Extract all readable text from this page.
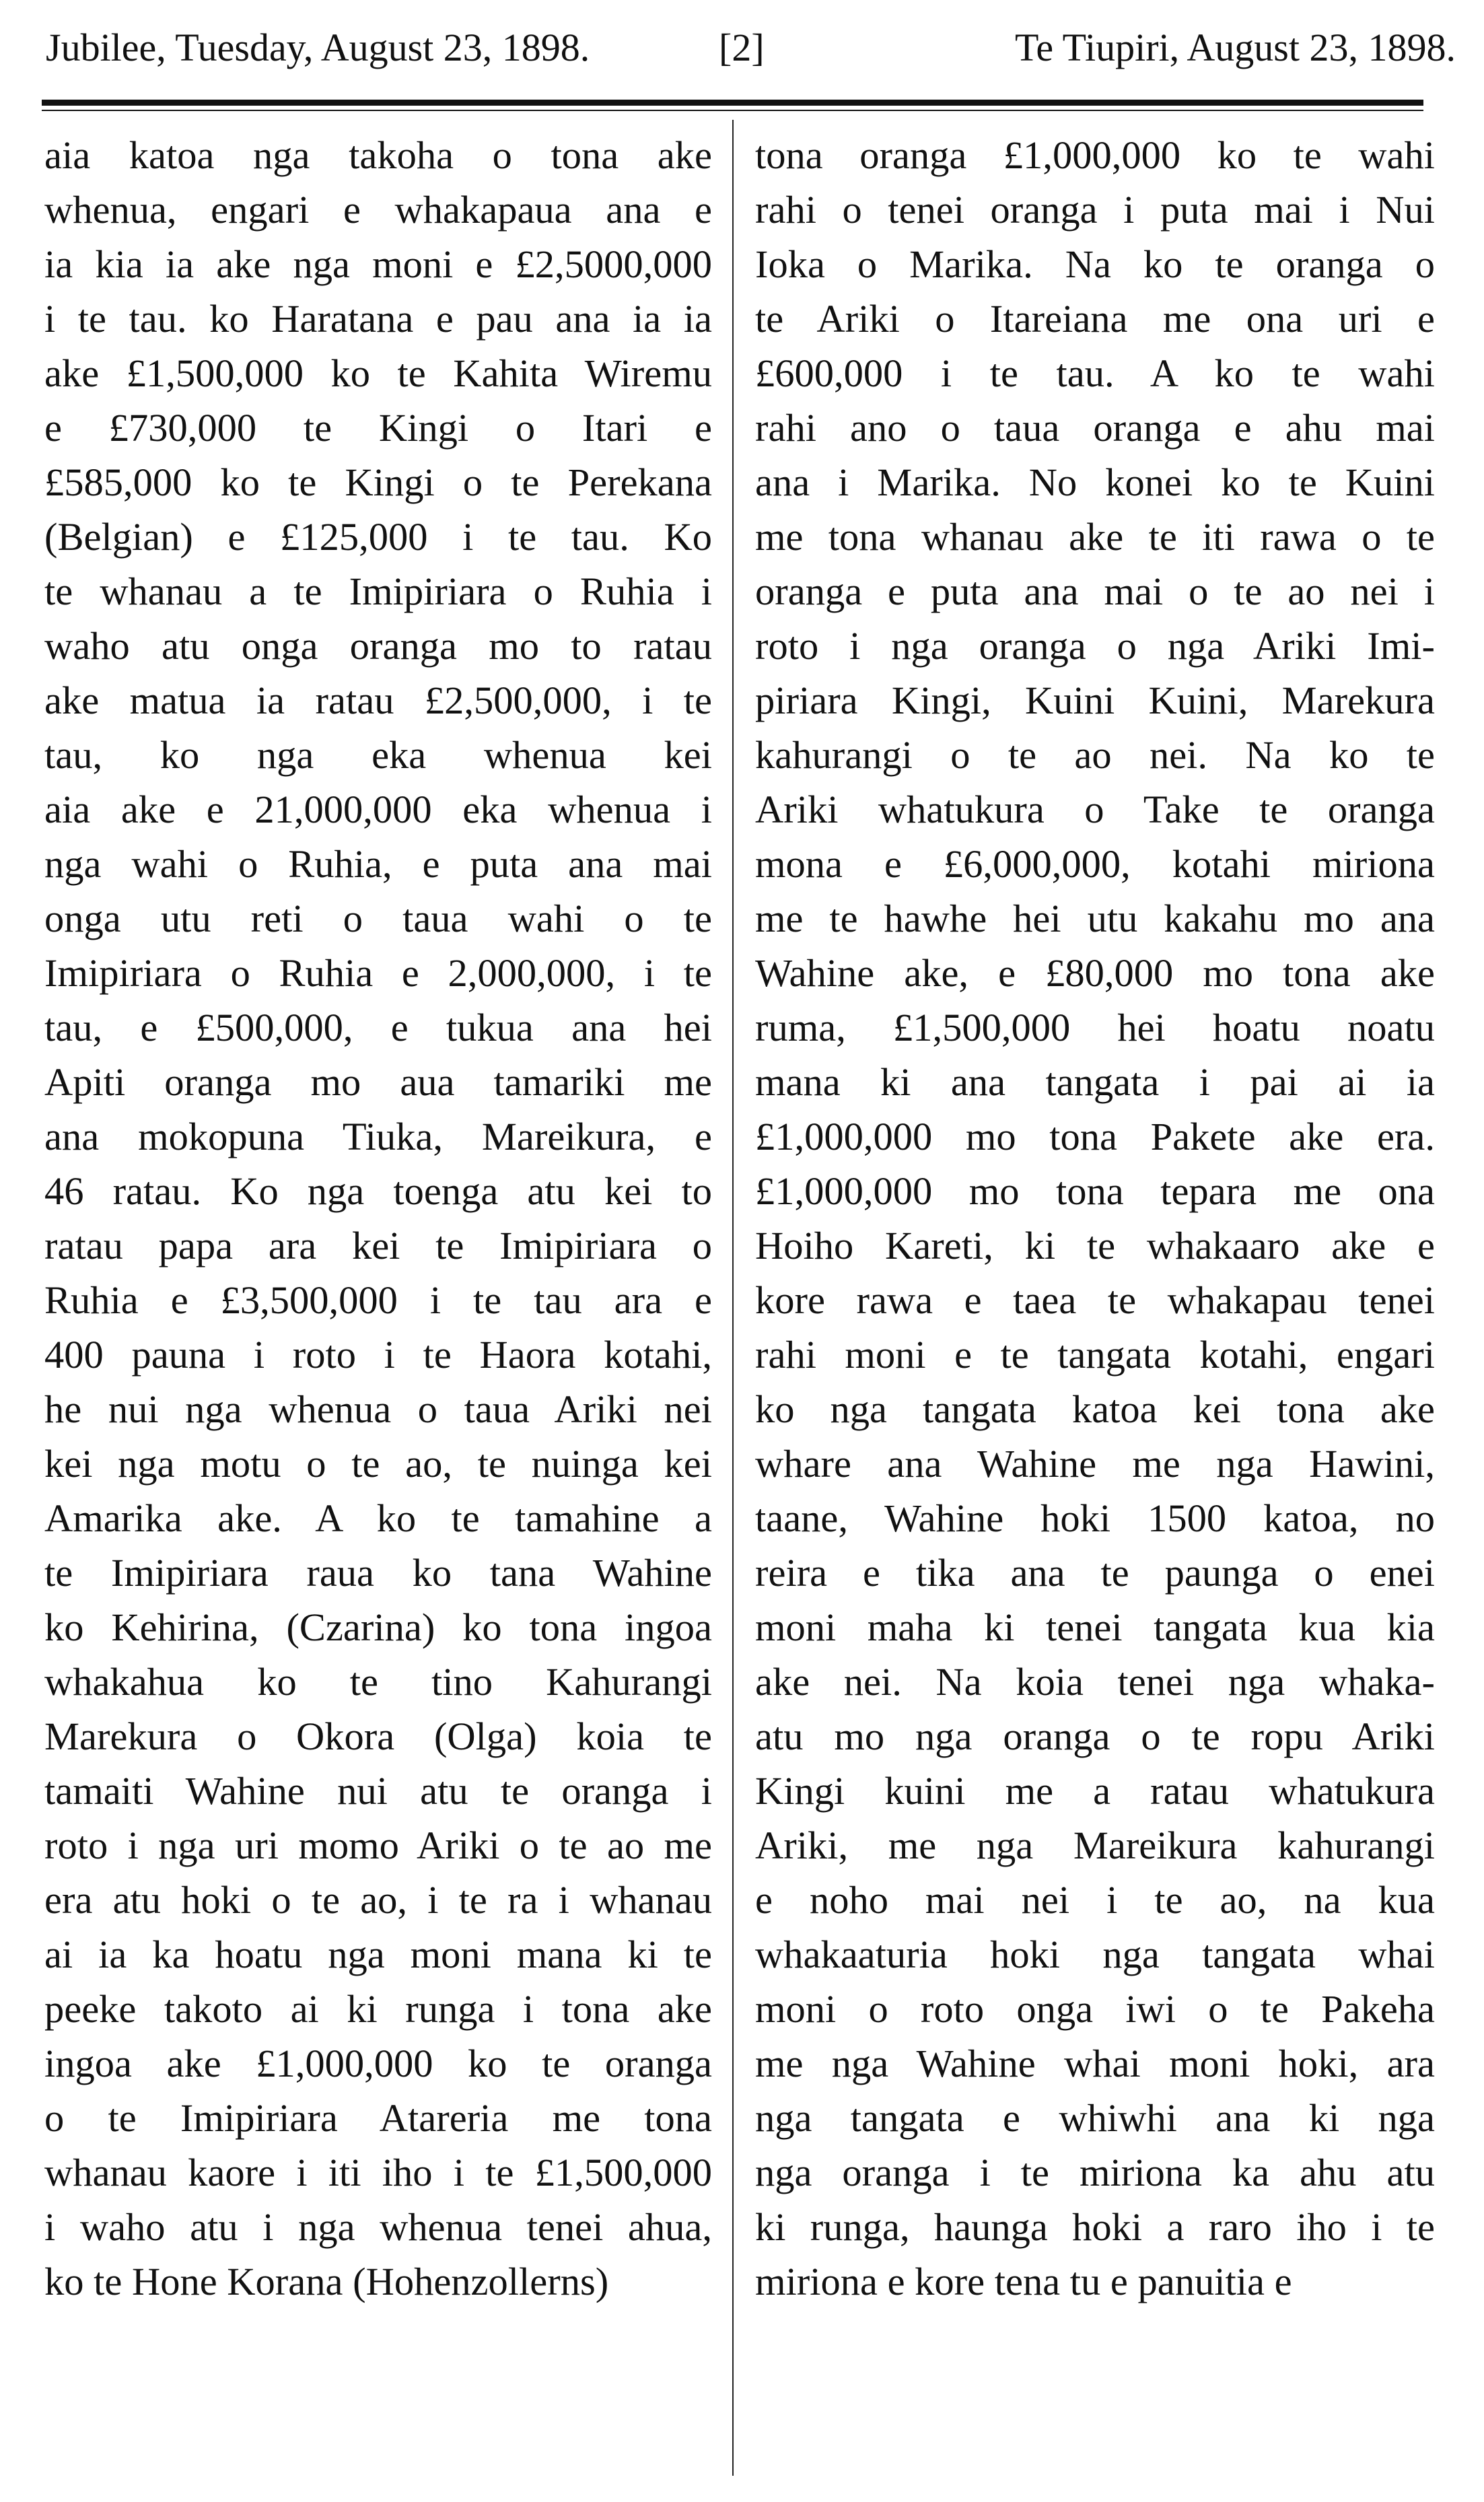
Jubilee, Tuesday, August 23, 1898.	[2]	Te Tiupiri, August 23, 1898.
aia katoa nga takoha o tona ake
whenua, engari e whakapaua ana e
ia kia ia ake nga moni e £2,5000,000
i te tau. ko Haratana e pau ana ia ia
ake £1,500,000 ko te Kahita Wiremu
e £730,000 te Kingi o Itari e
£585,000 ko te Kingi o te Perekana
(Belgian) e £125,000 i te tau. Ko
te whanau a te Imipiriara o Ruhia i
waho atu onga oranga mo to ratau
ake matua ia ratau £2,500,000, i te
tau, ko nga eka whenua kei
aia ake e 21,000,000 eka whenua i
nga wahi o Ruhia, e puta ana mai
onga utu reti o taua wahi o te
Imipiriara o Ruhia e 2,000,000, i te
tau, e £500,000, e tukua ana hei
Apiti oranga mo aua tamariki me
ana mokopuna Tiuka, Mareikura, e
46 ratau. Ko nga toenga atu kei to
ratau papa ara kei te Imipiriara o
Ruhia e £3,500,000 i te tau ara e
400 pauna i roto i te Haora kotahi,
he nui nga whenua o taua Ariki nei
kei nga motu o te ao, te nuinga kei
Amarika ake. A ko te tamahine a
te Imipiriara raua ko tana Wahine
ko Kehirina, (Czarina) ko tona ingoa
whakahua ko te tino Kahurangi
Marekura o Okora (Olga) koia te
tamaiti Wahine nui atu te oranga i
roto i nga uri momo Ariki o te ao me
era atu hoki o te ao, i te ra i whanau
ai ia ka hoatu nga moni mana ki te
peeke takoto ai ki runga i tona ake
ingoa ake £1,000,000 ko te oranga
o te Imipiriara Atareria me tona
whanau kaore i iti iho i te £1,500,000
i waho atu i nga whenua tenei ahua,
ko te Hone Korana (Hohenzollerns)
tona oranga £1,000,000 ko te wahi
rahi o tenei oranga i puta mai i Nui
Ioka o Marika. Na ko te oranga o
te Ariki o Itareiana me ona uri e
£600,000 i te tau. A ko te wahi
rahi ano o taua oranga e ahu mai
ana i Marika. No konei ko te Kuini
me tona whanau ake te iti rawa o te
oranga e puta ana mai o te ao nei i
roto i nga oranga o nga Ariki Imi-
piriara Kingi, Kuini Kuini, Marekura
kahurangi o te ao nei. Na ko te
Ariki whatukura o Take te oranga
mona e £6,000,000, kotahi miriona
me te hawhe hei utu kakahu mo ana
Wahine ake, e £80,000 mo tona ake
ruma, £1,500,000 hei hoatu noatu
mana ki ana tangata i pai ai ia
£1,000,000 mo tona Pakete ake era.
£1,000,000 mo tona tepara me ona
Hoiho Kareti, ki te whakaaro ake e
kore rawa e taea te whakapau tenei
rahi moni e te tangata kotahi, engari
ko nga tangata katoa kei tona ake
whare ana Wahine me nga Hawini,
taane, Wahine hoki 1500 katoa, no
reira e tika ana te paunga o enei
moni maha ki tenei tangata kua kia
ake nei. Na koia tenei nga whaka-
atu mo nga oranga o te ropu Ariki
Kingi kuini me a ratau whatukura
Ariki, me nga Mareikura kahurangi
e noho mai nei i te ao, na kua
whakaaturia hoki nga tangata whai
moni o roto onga iwi o te Pakeha
me nga Wahine whai moni hoki, ara
nga tangata e whiwhi ana ki nga
nga oranga i te miriona ka ahu atu
ki runga, haunga hoki a raro iho i te
miriona e kore tena tu e panuitia e
